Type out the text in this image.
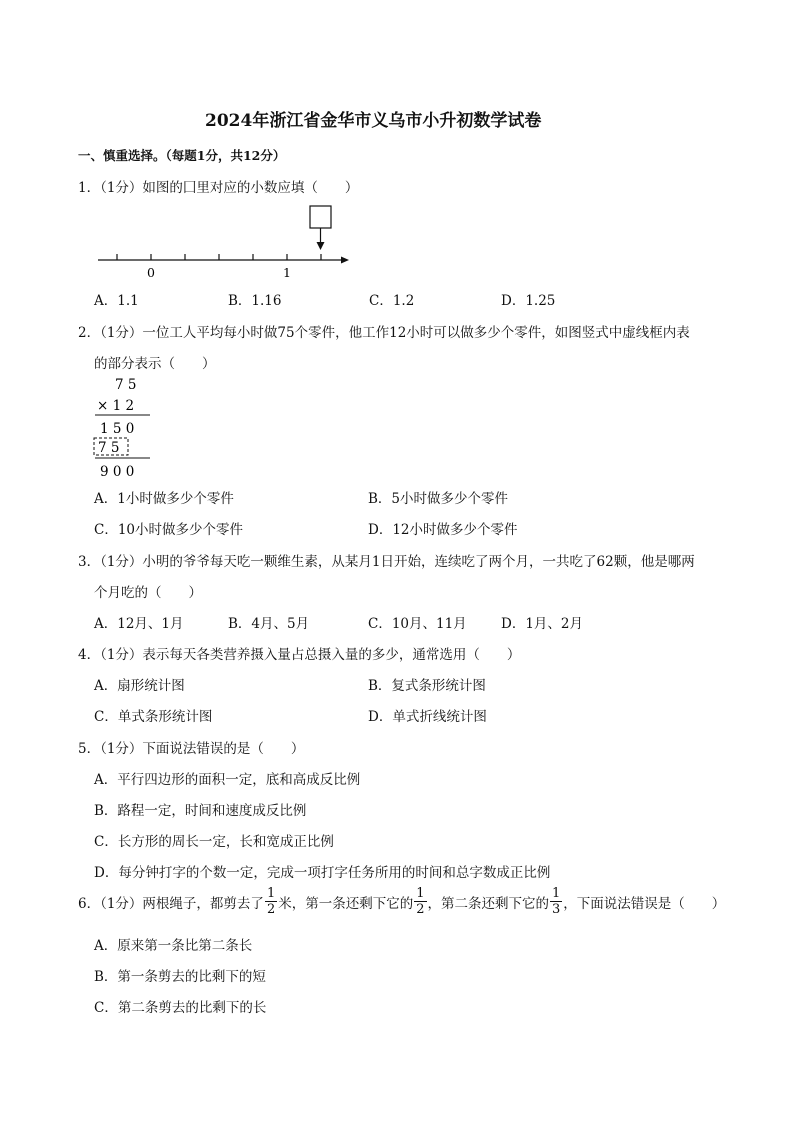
2024年浙江省金华市义乌市小升初数学试卷
一、慎重选择。（每题1分，共12分）
1．（1分）如图的囗里对应的小数应填（　　）
0	1
A．1.1	B．1.16	C．1.2	D．1.25
2．（1分）一位工人平均每小时做75个零件，他工作12小时可以做多少个零件，如图竖式中虚线框内表
的部分表示（　　）
7 5
× 1 2
1 5 0
7 5
9 0 0
A．1小时做多少个零件	B．5小时做多少个零件
C．10小时做多少个零件	D．12小时做多少个零件
3．（1分）小明的爷爷每天吃一颗维生素，从某月1日开始，连续吃了两个月，一共吃了62颗，他是哪两
个月吃的（　　）
A．12月、1月	B．4月、5月	C．10月、11月	D．1月、2月
4．（1分）表示每天各类营养摄入量占总摄入量的多少，通常选用（　　）
A．扇形统计图	B．复式条形统计图
C．单式条形统计图	D．单式折线统计图
5．（1分）下面说法错误的是（　　）
A．平行四边形的面积一定，底和高成反比例
B．路程一定，时间和速度成反比例
C．长方形的周长一定，长和宽成正比例
D．每分钟打字的个数一定，完成一项打字任务所用的时间和总字数成正比例
6．（1分）两根绳子，都剪去了 $\frac{1}{2}$ 米，第一条还剩下它的 $\frac{1}{2}$ ，第二条还剩下它的 $\frac{1}{3}$ ，下面说法错误是（　　）
A．原来第一条比第二条长
B．第一条剪去的比剩下的短
C．第二条剪去的比剩下的长
